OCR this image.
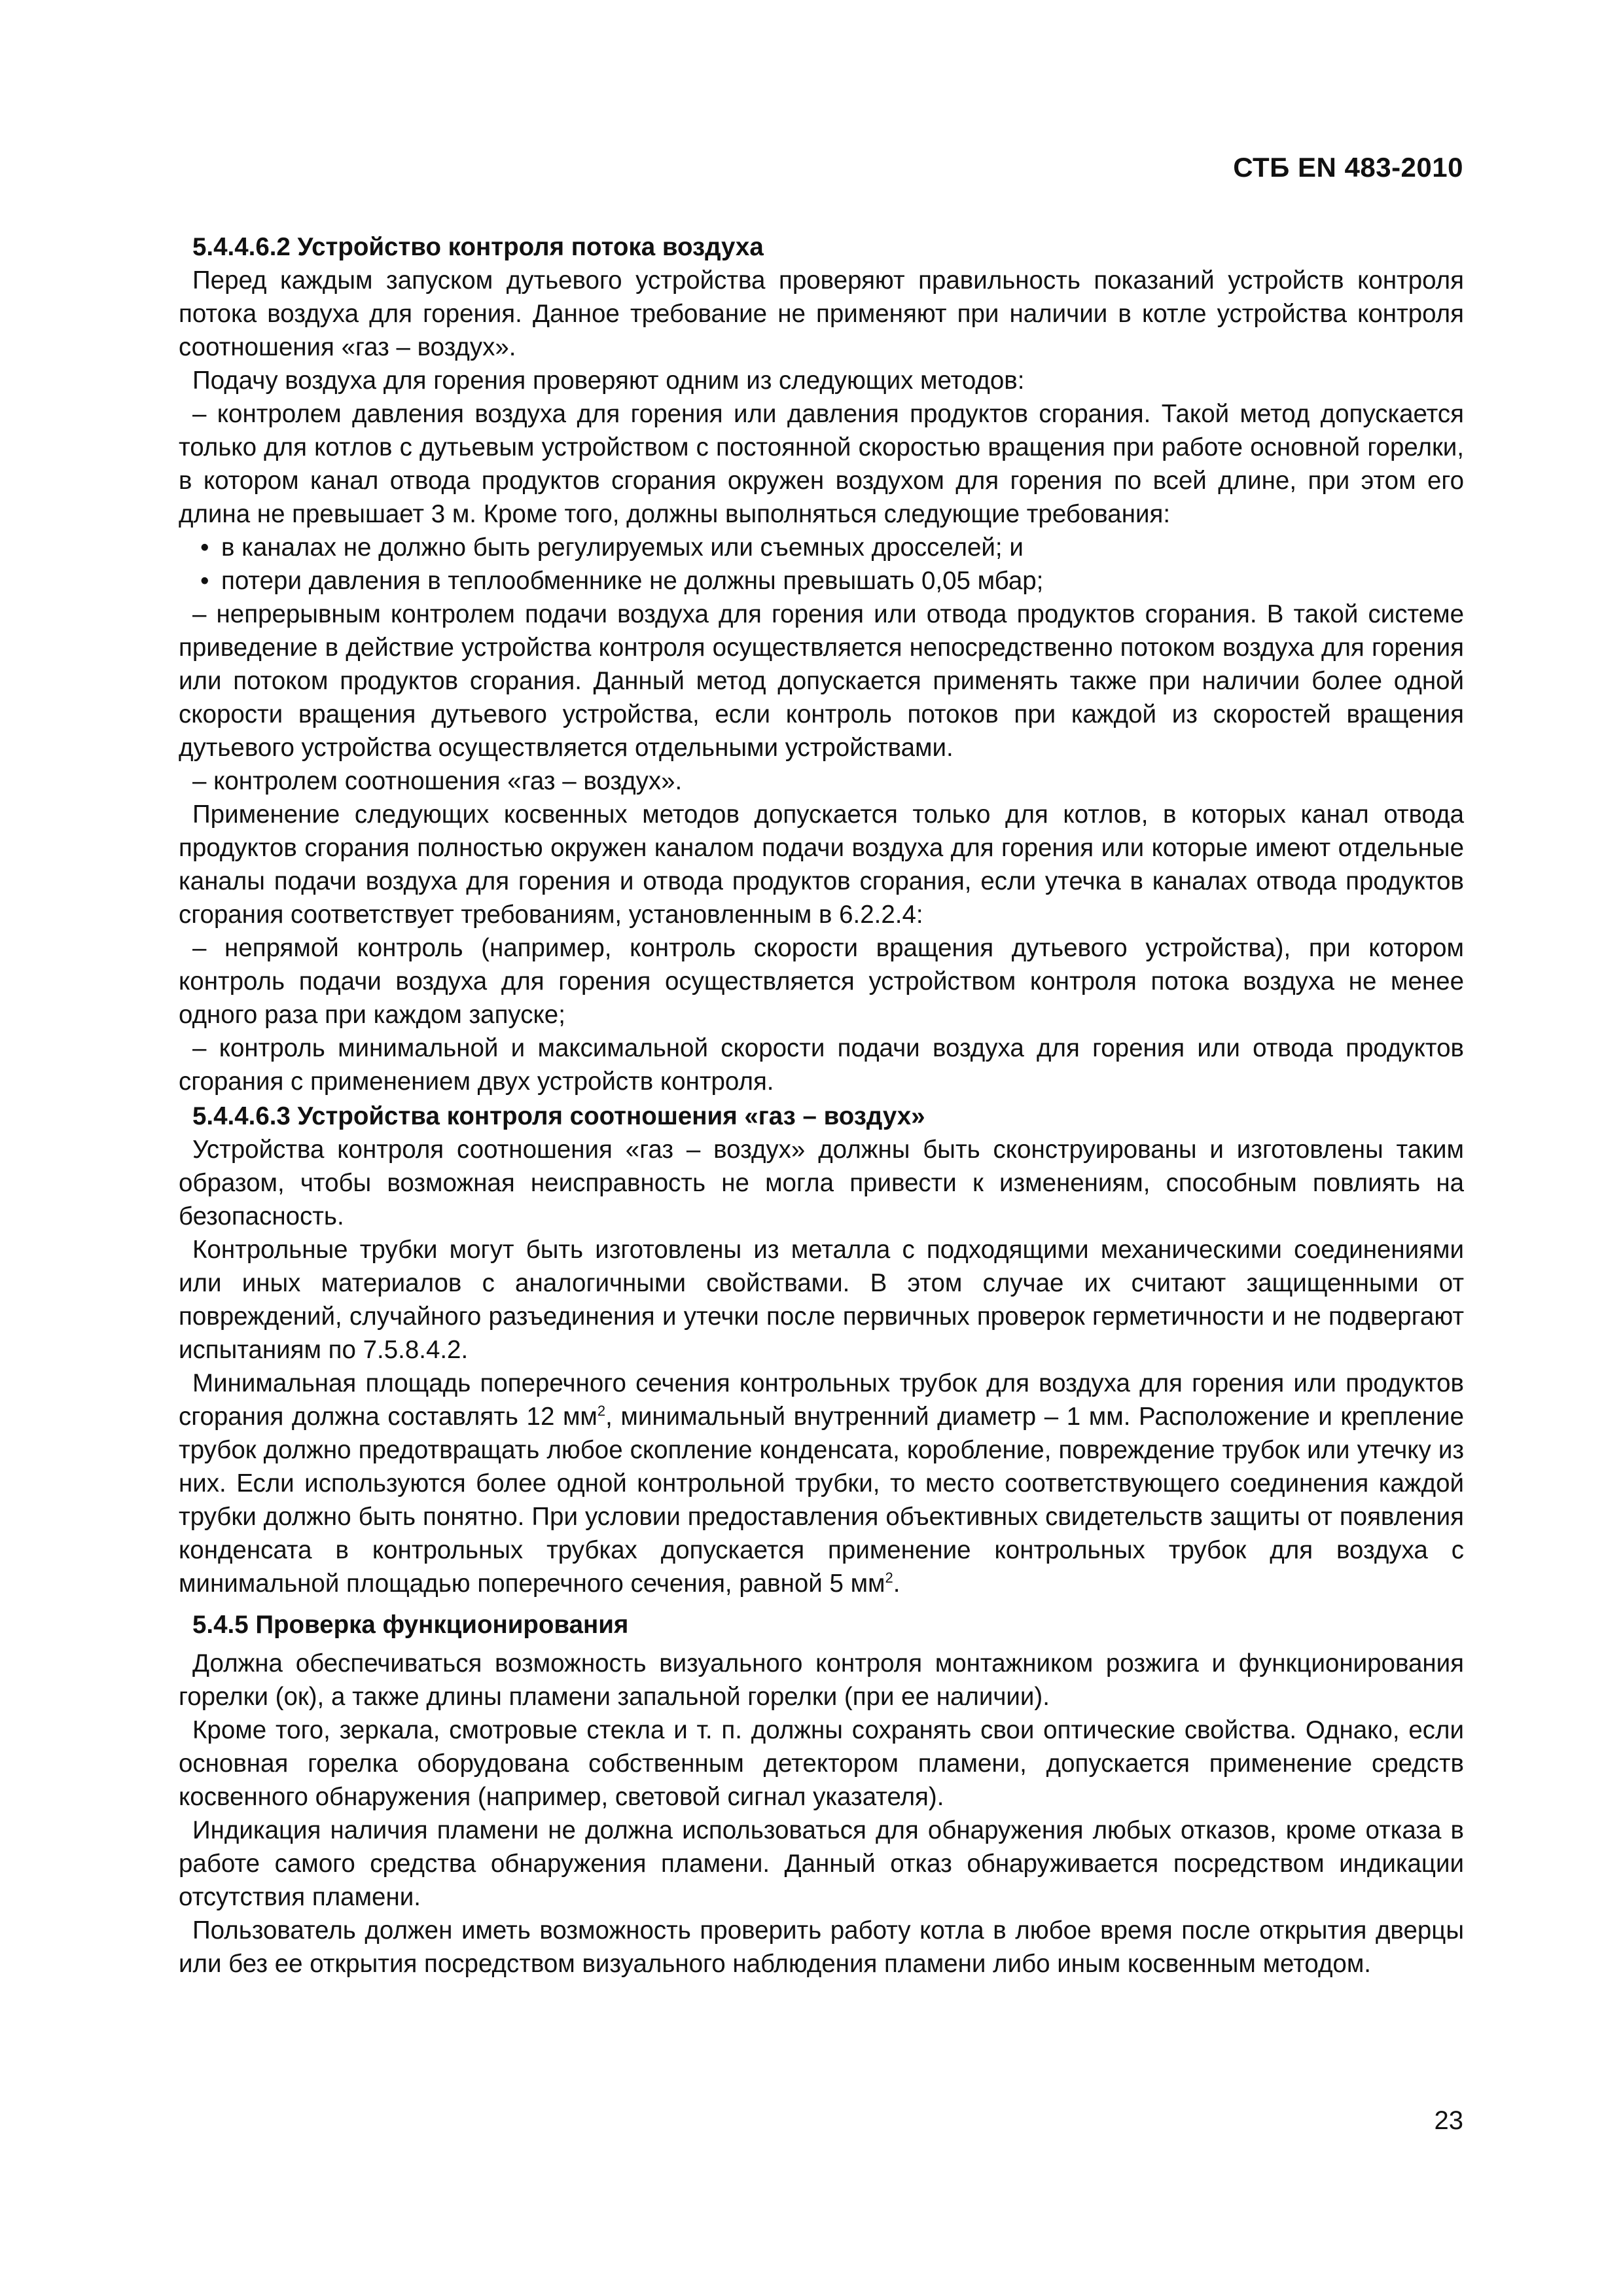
СТБ EN 483-2010

5.4.4.6.2 Устройство контроля потока воздуха

Перед каждым запуском дутьевого устройства проверяют правильность показаний устройств контроля потока воздуха для горения. Данное требование не применяют при наличии в котле устройства контроля соотношения «газ – воздух».

Подачу воздуха для горения проверяют одним из следующих методов:

– контролем давления воздуха для горения или давления продуктов сгорания. Такой метод допускается только для котлов с дутьевым устройством с постоянной скоростью вращения при работе основной горелки, в котором канал отвода продуктов сгорания окружен воздухом для горения по всей длине, при этом его длина не превышает 3 м. Кроме того, должны выполняться следующие требования:

• в каналах не должно быть регулируемых или съемных дросселей; и

• потери давления в теплообменнике не должны превышать 0,05 мбар;

– непрерывным контролем подачи воздуха для горения или отвода продуктов сгорания. В такой системе приведение в действие устройства контроля осуществляется непосредственно потоком воздуха для горения или потоком продуктов сгорания. Данный метод допускается применять также при наличии более одной скорости вращения дутьевого устройства, если контроль потоков при каждой из скоростей вращения дутьевого устройства осуществляется отдельными устройствами.

– контролем соотношения «газ – воздух».

Применение следующих косвенных методов допускается только для котлов, в которых канал отвода продуктов сгорания полностью окружен каналом подачи воздуха для горения или которые имеют отдельные каналы подачи воздуха для горения и отвода продуктов сгорания, если утечка в каналах отвода продуктов сгорания соответствует требованиям, установленным в 6.2.2.4:

– непрямой контроль (например, контроль скорости вращения дутьевого устройства), при котором контроль подачи воздуха для горения осуществляется устройством контроля потока воздуха не менее одного раза при каждом запуске;

– контроль минимальной и максимальной скорости подачи воздуха для горения или отвода продуктов сгорания с применением двух устройств контроля.

5.4.4.6.3 Устройства контроля соотношения «газ – воздух»

Устройства контроля соотношения «газ – воздух» должны быть сконструированы и изготовлены таким образом, чтобы возможная неисправность не могла привести к изменениям, способным повлиять на безопасность.

Контрольные трубки могут быть изготовлены из металла с подходящими механическими соединениями или иных материалов с аналогичными свойствами. В этом случае их считают защищенными от повреждений, случайного разъединения и утечки после первичных проверок герметичности и не подвергают испытаниям по 7.5.8.4.2.

Минимальная площадь поперечного сечения контрольных трубок для воздуха для горения или продуктов сгорания должна составлять 12 $мм^2$, минимальный внутренний диаметр – 1 мм. Расположение и крепление трубок должно предотвращать любое скопление конденсата, коробление, повреждение трубок или утечку из них. Если используются более одной контрольной трубки, то место соответствующего соединения каждой трубки должно быть понятно. При условии предоставления объективных свидетельств защиты от появления конденсата в контрольных трубках допускается применение контрольных трубок для воздуха с минимальной площадью поперечного сечения, равной 5 $мм^2$.

5.4.5 Проверка функционирования

Должна обеспечиваться возможность визуального контроля монтажником розжига и функционирования горелки (ок), а также длины пламени запальной горелки (при ее наличии).

Кроме того, зеркала, смотровые стекла и т. п. должны сохранять свои оптические свойства. Однако, если основная горелка оборудована собственным детектором пламени, допускается применение средств косвенного обнаружения (например, световой сигнал указателя).

Индикация наличия пламени не должна использоваться для обнаружения любых отказов, кроме отказа в работе самого средства обнаружения пламени. Данный отказ обнаруживается посредством индикации отсутствия пламени.

Пользователь должен иметь возможность проверить работу котла в любое время после открытия дверцы или без ее открытия посредством визуального наблюдения пламени либо иным косвенным методом.

23
